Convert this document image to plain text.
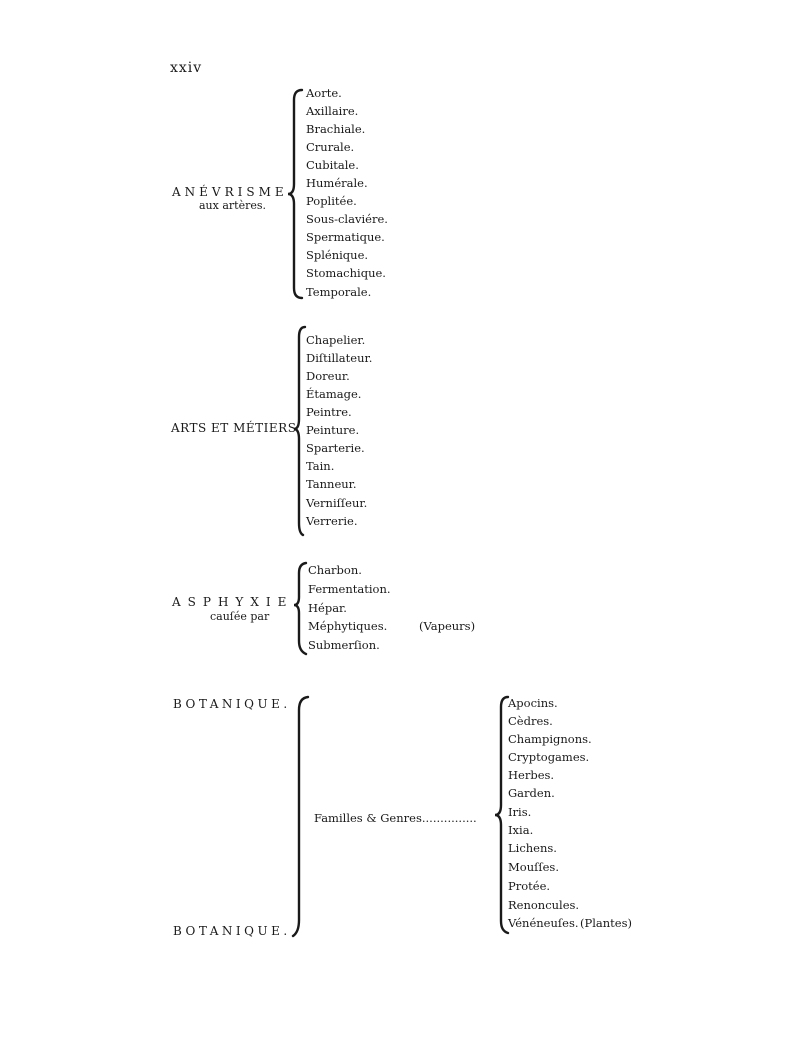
xxiv
ANÉVRISME
aux artères.
Aorte.
Axillaire.
Brachiale.
Crurale.
Cubitale.
Humérale.
Poplitée.
Sous-claviére.
Spermatique.
Splénique.
Stomachique.
Temporale.
ARTS ET MÉTIERS.
Chapelier.
Diſtillateur.
Doreur.
Étamage.
Peintre.
Peinture.
Sparterie.
Tain.
Tanneur.
Verniſſeur.
Verrerie.
ASPHYXIE
cauſée par
Charbon.
Fermentation.
Hépar.
Méphytiques.	(Vapeurs)
Submerſion.
BOTANIQUE.
BOTANIQUE.
Familles & Genres...............
Apocins.
Cèdres.
Champignons.
Cryptogames.
Herbes.
Garden.
Iris.
Ixia.
Lichens.
Mouſſes.
Protée.
Renoncules.
Vénéneuſes. (Plantes)
